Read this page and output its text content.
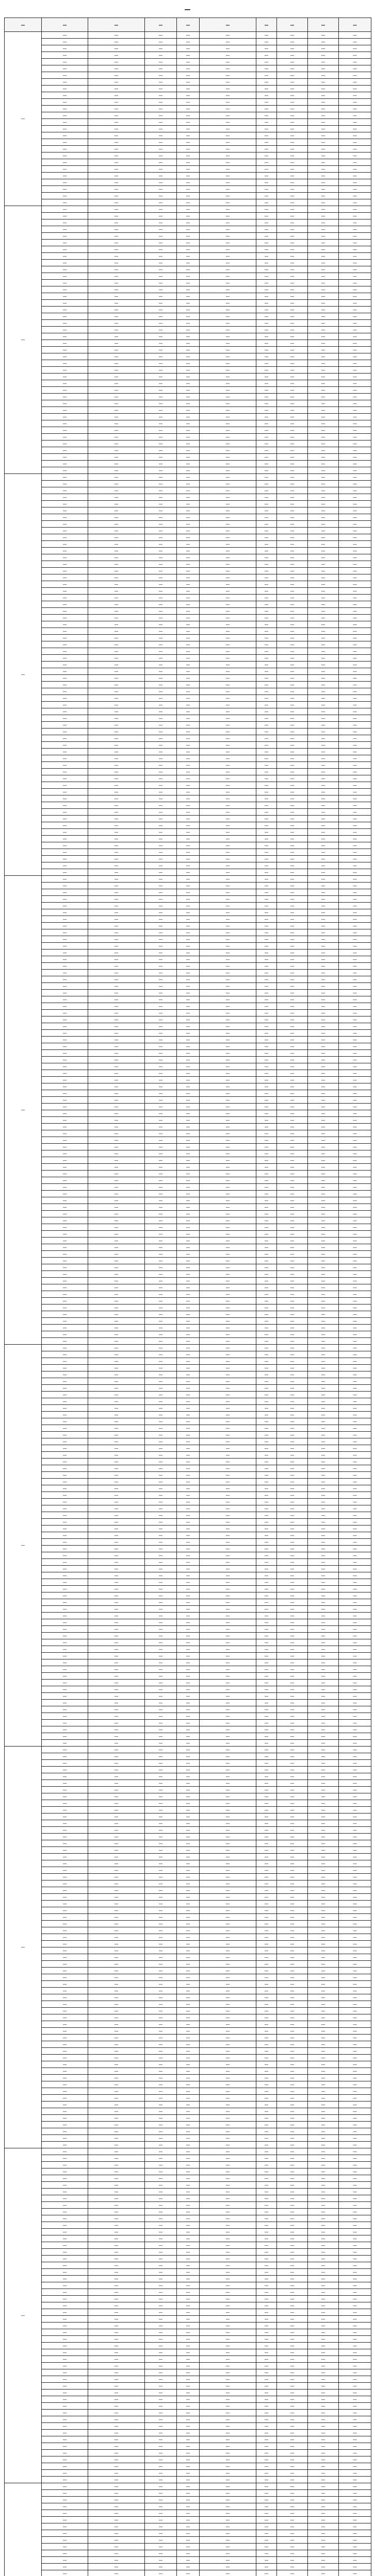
—
—	—	—	—	—	—	—	—	—	—
—	—	—	—	—	—	—	—	—	—
	—	—	—	—	—	—	—	—	—
	—	—	—	—	—	—	—	—	—
	—	—	—	—	—	—	—	—	—
	—	—	—	—	—	—	—	—	—
	—	—	—	—	—	—	—	—	—
	—	—	—	—	—	—	—	—	—
	—	—	—	—	—	—	—	—	—
	—	—	—	—	—	—	—	—	—
	—	—	—	—	—	—	—	—	—
	—	—	—	—	—	—	—	—	—
	—	—	—	—	—	—	—	—	—
	—	—	—	—	—	—	—	—	—
	—	—	—	—	—	—	—	—	—
	—	—	—	—	—	—	—	—	—
	—	—	—	—	—	—	—	—	—
	—	—	—	—	—	—	—	—	—
	—	—	—	—	—	—	—	—	—
	—	—	—	—	—	—	—	—	—
	—	—	—	—	—	—	—	—	—
	—	—	—	—	—	—	—	—	—
	—	—	—	—	—	—	—	—	—
	—	—	—	—	—	—	—	—	—
	—	—	—	—	—	—	—	—	—
	—	—	—	—	—	—	—	—	—
	—	—	—	—	—	—	—	—	—
—	—	—	—	—	—	—	—	—	—
	—	—	—	—	—	—	—	—	—
	—	—	—	—	—	—	—	—	—
	—	—	—	—	—	—	—	—	—
	—	—	—	—	—	—	—	—	—
	—	—	—	—	—	—	—	—	—
	—	—	—	—	—	—	—	—	—
	—	—	—	—	—	—	—	—	—
	—	—	—	—	—	—	—	—	—
	—	—	—	—	—	—	—	—	—
	—	—	—	—	—	—	—	—	—
	—	—	—	—	—	—	—	—	—
	—	—	—	—	—	—	—	—	—
	—	—	—	—	—	—	—	—	—
	—	—	—	—	—	—	—	—	—
	—	—	—	—	—	—	—	—	—
	—	—	—	—	—	—	—	—	—
	—	—	—	—	—	—	—	—	—
	—	—	—	—	—	—	—	—	—
	—	—	—	—	—	—	—	—	—
	—	—	—	—	—	—	—	—	—
	—	—	—	—	—	—	—	—	—
	—	—	—	—	—	—	—	—	—
	—	—	—	—	—	—	—	—	—
	—	—	—	—	—	—	—	—	—
	—	—	—	—	—	—	—	—	—
	—	—	—	—	—	—	—	—	—
	—	—	—	—	—	—	—	—	—
	—	—	—	—	—	—	—	—	—
	—	—	—	—	—	—	—	—	—
	—	—	—	—	—	—	—	—	—
	—	—	—	—	—	—	—	—	—
	—	—	—	—	—	—	—	—	—
	—	—	—	—	—	—	—	—	—
	—	—	—	—	—	—	—	—	—
	—	—	—	—	—	—	—	—	—
	—	—	—	—	—	—	—	—	—
	—	—	—	—	—	—	—	—	—
	—	—	—	—	—	—	—	—	—
	—	—	—	—	—	—	—	—	—
—	—	—	—	—	—	—	—	—	—
	—	—	—	—	—	—	—	—	—
	—	—	—	—	—	—	—	—	—
	—	—	—	—	—	—	—	—	—
	—	—	—	—	—	—	—	—	—
	—	—	—	—	—	—	—	—	—
	—	—	—	—	—	—	—	—	—
	—	—	—	—	—	—	—	—	—
	—	—	—	—	—	—	—	—	—
	—	—	—	—	—	—	—	—	—
	—	—	—	—	—	—	—	—	—
	—	—	—	—	—	—	—	—	—
	—	—	—	—	—	—	—	—	—
	—	—	—	—	—	—	—	—	—
	—	—	—	—	—	—	—	—	—
	—	—	—	—	—	—	—	—	—
	—	—	—	—	—	—	—	—	—
	—	—	—	—	—	—	—	—	—
	—	—	—	—	—	—	—	—	—
	—	—	—	—	—	—	—	—	—
	—	—	—	—	—	—	—	—	—
	—	—	—	—	—	—	—	—	—
	—	—	—	—	—	—	—	—	—
	—	—	—	—	—	—	—	—	—
	—	—	—	—	—	—	—	—	—
	—	—	—	—	—	—	—	—	—
	—	—	—	—	—	—	—	—	—
	—	—	—	—	—	—	—	—	—
	—	—	—	—	—	—	—	—	—
	—	—	—	—	—	—	—	—	—
	—	—	—	—	—	—	—	—	—
	—	—	—	—	—	—	—	—	—
	—	—	—	—	—	—	—	—	—
	—	—	—	—	—	—	—	—	—
	—	—	—	—	—	—	—	—	—
	—	—	—	—	—	—	—	—	—
	—	—	—	—	—	—	—	—	—
	—	—	—	—	—	—	—	—	—
	—	—	—	—	—	—	—	—	—
	—	—	—	—	—	—	—	—	—
	—	—	—	—	—	—	—	—	—
	—	—	—	—	—	—	—	—	—
	—	—	—	—	—	—	—	—	—
	—	—	—	—	—	—	—	—	—
	—	—	—	—	—	—	—	—	—
	—	—	—	—	—	—	—	—	—
	—	—	—	—	—	—	—	—	—
	—	—	—	—	—	—	—	—	—
	—	—	—	—	—	—	—	—	—
	—	—	—	—	—	—	—	—	—
	—	—	—	—	—	—	—	—	—
	—	—	—	—	—	—	—	—	—
	—	—	—	—	—	—	—	—	—
	—	—	—	—	—	—	—	—	—
	—	—	—	—	—	—	—	—	—
	—	—	—	—	—	—	—	—	—
	—	—	—	—	—	—	—	—	—
	—	—	—	—	—	—	—	—	—
	—	—	—	—	—	—	—	—	—
	—	—	—	—	—	—	—	—	—
—	—	—	—	—	—	—	—	—	—
	—	—	—	—	—	—	—	—	—
	—	—	—	—	—	—	—	—	—
	—	—	—	—	—	—	—	—	—
	—	—	—	—	—	—	—	—	—
	—	—	—	—	—	—	—	—	—
	—	—	—	—	—	—	—	—	—
	—	—	—	—	—	—	—	—	—
	—	—	—	—	—	—	—	—	—
	—	—	—	—	—	—	—	—	—
	—	—	—	—	—	—	—	—	—
	—	—	—	—	—	—	—	—	—
	—	—	—	—	—	—	—	—	—
	—	—	—	—	—	—	—	—	—
	—	—	—	—	—	—	—	—	—
	—	—	—	—	—	—	—	—	—
	—	—	—	—	—	—	—	—	—
	—	—	—	—	—	—	—	—	—
	—	—	—	—	—	—	—	—	—
	—	—	—	—	—	—	—	—	—
	—	—	—	—	—	—	—	—	—
	—	—	—	—	—	—	—	—	—
	—	—	—	—	—	—	—	—	—
	—	—	—	—	—	—	—	—	—
	—	—	—	—	—	—	—	—	—
	—	—	—	—	—	—	—	—	—
	—	—	—	—	—	—	—	—	—
	—	—	—	—	—	—	—	—	—
	—	—	—	—	—	—	—	—	—
	—	—	—	—	—	—	—	—	—
	—	—	—	—	—	—	—	—	—
	—	—	—	—	—	—	—	—	—
	—	—	—	—	—	—	—	—	—
	—	—	—	—	—	—	—	—	—
	—	—	—	—	—	—	—	—	—
	—	—	—	—	—	—	—	—	—
	—	—	—	—	—	—	—	—	—
	—	—	—	—	—	—	—	—	—
	—	—	—	—	—	—	—	—	—
	—	—	—	—	—	—	—	—	—
	—	—	—	—	—	—	—	—	—
	—	—	—	—	—	—	—	—	—
	—	—	—	—	—	—	—	—	—
	—	—	—	—	—	—	—	—	—
	—	—	—	—	—	—	—	—	—
	—	—	—	—	—	—	—	—	—
	—	—	—	—	—	—	—	—	—
	—	—	—	—	—	—	—	—	—
	—	—	—	—	—	—	—	—	—
	—	—	—	—	—	—	—	—	—
	—	—	—	—	—	—	—	—	—
	—	—	—	—	—	—	—	—	—
	—	—	—	—	—	—	—	—	—
	—	—	—	—	—	—	—	—	—
	—	—	—	—	—	—	—	—	—
	—	—	—	—	—	—	—	—	—
	—	—	—	—	—	—	—	—	—
	—	—	—	—	—	—	—	—	—
	—	—	—	—	—	—	—	—	—
	—	—	—	—	—	—	—	—	—
	—	—	—	—	—	—	—	—	—
	—	—	—	—	—	—	—	—	—
	—	—	—	—	—	—	—	—	—
	—	—	—	—	—	—	—	—	—
	—	—	—	—	—	—	—	—	—
	—	—	—	—	—	—	—	—	—
	—	—	—	—	—	—	—	—	—
	—	—	—	—	—	—	—	—	—
	—	—	—	—	—	—	—	—	—
	—	—	—	—	—	—	—	—	—
—	—	—	—	—	—	—	—	—	—
	—	—	—	—	—	—	—	—	—
	—	—	—	—	—	—	—	—	—
	—	—	—	—	—	—	—	—	—
	—	—	—	—	—	—	—	—	—
	—	—	—	—	—	—	—	—	—
	—	—	—	—	—	—	—	—	—
	—	—	—	—	—	—	—	—	—
	—	—	—	—	—	—	—	—	—
	—	—	—	—	—	—	—	—	—
	—	—	—	—	—	—	—	—	—
	—	—	—	—	—	—	—	—	—
	—	—	—	—	—	—	—	—	—
	—	—	—	—	—	—	—	—	—
	—	—	—	—	—	—	—	—	—
	—	—	—	—	—	—	—	—	—
	—	—	—	—	—	—	—	—	—
	—	—	—	—	—	—	—	—	—
	—	—	—	—	—	—	—	—	—
	—	—	—	—	—	—	—	—	—
	—	—	—	—	—	—	—	—	—
	—	—	—	—	—	—	—	—	—
	—	—	—	—	—	—	—	—	—
	—	—	—	—	—	—	—	—	—
	—	—	—	—	—	—	—	—	—
	—	—	—	—	—	—	—	—	—
	—	—	—	—	—	—	—	—	—
	—	—	—	—	—	—	—	—	—
	—	—	—	—	—	—	—	—	—
	—	—	—	—	—	—	—	—	—
	—	—	—	—	—	—	—	—	—
	—	—	—	—	—	—	—	—	—
	—	—	—	—	—	—	—	—	—
	—	—	—	—	—	—	—	—	—
	—	—	—	—	—	—	—	—	—
	—	—	—	—	—	—	—	—	—
	—	—	—	—	—	—	—	—	—
	—	—	—	—	—	—	—	—	—
	—	—	—	—	—	—	—	—	—
	—	—	—	—	—	—	—	—	—
	—	—	—	—	—	—	—	—	—
	—	—	—	—	—	—	—	—	—
	—	—	—	—	—	—	—	—	—
	—	—	—	—	—	—	—	—	—
	—	—	—	—	—	—	—	—	—
	—	—	—	—	—	—	—	—	—
	—	—	—	—	—	—	—	—	—
	—	—	—	—	—	—	—	—	—
	—	—	—	—	—	—	—	—	—
	—	—	—	—	—	—	—	—	—
	—	—	—	—	—	—	—	—	—
	—	—	—	—	—	—	—	—	—
	—	—	—	—	—	—	—	—	—
	—	—	—	—	—	—	—	—	—
	—	—	—	—	—	—	—	—	—
	—	—	—	—	—	—	—	—	—
	—	—	—	—	—	—	—	—	—
	—	—	—	—	—	—	—	—	—
	—	—	—	—	—	—	—	—	—
	—	—	—	—	—	—	—	—	—
—	—	—	—	—	—	—	—	—	—
	—	—	—	—	—	—	—	—	—
	—	—	—	—	—	—	—	—	—
	—	—	—	—	—	—	—	—	—
	—	—	—	—	—	—	—	—	—
	—	—	—	—	—	—	—	—	—
	—	—	—	—	—	—	—	—	—
	—	—	—	—	—	—	—	—	—
	—	—	—	—	—	—	—	—	—
	—	—	—	—	—	—	—	—	—
	—	—	—	—	—	—	—	—	—
	—	—	—	—	—	—	—	—	—
	—	—	—	—	—	—	—	—	—
	—	—	—	—	—	—	—	—	—
	—	—	—	—	—	—	—	—	—
	—	—	—	—	—	—	—	—	—
	—	—	—	—	—	—	—	—	—
	—	—	—	—	—	—	—	—	—
	—	—	—	—	—	—	—	—	—
	—	—	—	—	—	—	—	—	—
	—	—	—	—	—	—	—	—	—
	—	—	—	—	—	—	—	—	—
	—	—	—	—	—	—	—	—	—
	—	—	—	—	—	—	—	—	—
	—	—	—	—	—	—	—	—	—
	—	—	—	—	—	—	—	—	—
	—	—	—	—	—	—	—	—	—
	—	—	—	—	—	—	—	—	—
	—	—	—	—	—	—	—	—	—
	—	—	—	—	—	—	—	—	—
	—	—	—	—	—	—	—	—	—
	—	—	—	—	—	—	—	—	—
	—	—	—	—	—	—	—	—	—
	—	—	—	—	—	—	—	—	—
	—	—	—	—	—	—	—	—	—
	—	—	—	—	—	—	—	—	—
	—	—	—	—	—	—	—	—	—
	—	—	—	—	—	—	—	—	—
	—	—	—	—	—	—	—	—	—
	—	—	—	—	—	—	—	—	—
	—	—	—	—	—	—	—	—	—
	—	—	—	—	—	—	—	—	—
	—	—	—	—	—	—	—	—	—
	—	—	—	—	—	—	—	—	—
	—	—	—	—	—	—	—	—	—
	—	—	—	—	—	—	—	—	—
	—	—	—	—	—	—	—	—	—
	—	—	—	—	—	—	—	—	—
	—	—	—	—	—	—	—	—	—
	—	—	—	—	—	—	—	—	—
	—	—	—	—	—	—	—	—	—
	—	—	—	—	—	—	—	—	—
	—	—	—	—	—	—	—	—	—
	—	—	—	—	—	—	—	—	—
	—	—	—	—	—	—	—	—	—
	—	—	—	—	—	—	—	—	—
	—	—	—	—	—	—	—	—	—
	—	—	—	—	—	—	—	—	—
	—	—	—	—	—	—	—	—	—
	—	—	—	—	—	—	—	—	—
—	—	—	—	—	—	—	—	—	—
	—	—	—	—	—	—	—	—	—
	—	—	—	—	—	—	—	—	—
	—	—	—	—	—	—	—	—	—
	—	—	—	—	—	—	—	—	—
	—	—	—	—	—	—	—	—	—
	—	—	—	—	—	—	—	—	—
	—	—	—	—	—	—	—	—	—
	—	—	—	—	—	—	—	—	—
	—	—	—	—	—	—	—	—	—
	—	—	—	—	—	—	—	—	—
	—	—	—	—	—	—	—	—	—
	—	—	—	—	—	—	—	—	—
	—	—	—	—	—	—	—	—	—
	—	—	—	—	—	—	—	—	—
	—	—	—	—	—	—	—	—	—
	—	—	—	—	—	—	—	—	—
	—	—	—	—	—	—	—	—	—
	—	—	—	—	—	—	—	—	—
	—	—	—	—	—	—	—	—	—
	—	—	—	—	—	—	—	—	—
	—	—	—	—	—	—	—	—	—
	—	—	—	—	—	—	—	—	—
	—	—	—	—	—	—	—	—	—
	—	—	—	—	—	—	—	—	—
	—	—	—	—	—	—	—	—	—
	—	—	—	—	—	—	—	—	—
	—	—	—	—	—	—	—	—	—
	—	—	—	—	—	—	—	—	—
	—	—	—	—	—	—	—	—	—
	—	—	—	—	—	—	—	—	—
	—	—	—	—	—	—	—	—	—
	—	—	—	—	—	—	—	—	—
	—	—	—	—	—	—	—	—	—
	—	—	—	—	—	—	—	—	—
	—	—	—	—	—	—	—	—	—
	—	—	—	—	—	—	—	—	—
	—	—	—	—	—	—	—	—	—
	—	—	—	—	—	—	—	—	—
	—	—	—	—	—	—	—	—	—
	—	—	—	—	—	—	—	—	—
	—	—	—	—	—	—	—	—	—
	—	—	—	—	—	—	—	—	—
	—	—	—	—	—	—	—	—	—
	—	—	—	—	—	—	—	—	—
	—	—	—	—	—	—	—	—	—
	—	—	—	—	—	—	—	—	—
	—	—	—	—	—	—	—	—	—
	—	—	—	—	—	—	—	—	—
	—	—	—	—	—	—	—	—	—
	—	—	—	—	—	—	—	—	—
	—	—	—	—	—	—	—	—	—
	—	—	—	—	—	—	—	—	—
	—	—	—	—	—	—	—	—	—
	—	—	—	—	—	—	—	—	—
	—	—	—	—	—	—	—	—	—
	—	—	—	—	—	—	—	—	—
	—	—	—	—	—	—	—	—	—
	—	—	—	—	—	—	—	—	—
	—	—	—	—	—	—	—	—	—
	—	—	—	—	—	—	—	—	—
	—	—	—	—	—	—	—	—	—
	—	—	—	—	—	—	—	—	—
	—	—	—	—	—	—	—	—	—
